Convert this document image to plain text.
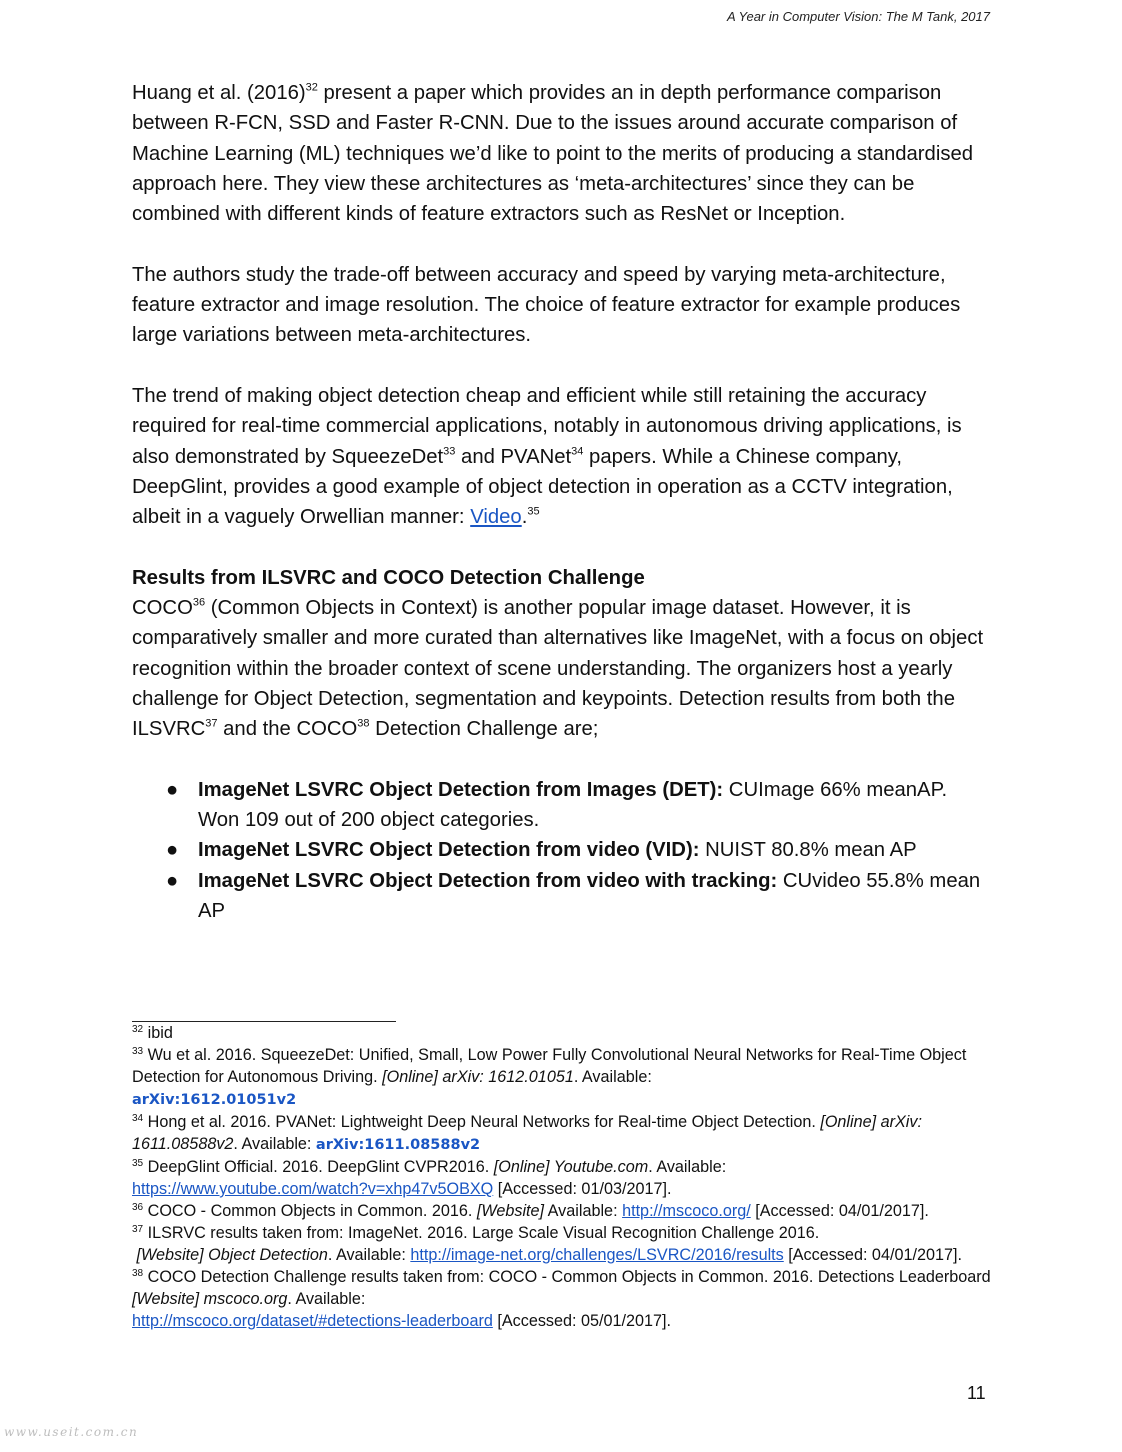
A Year in Computer Vision: The M Tank, 2017

Huang et al. $(2016)^{32}$ present a paper which provides an in depth performance comparison between R-FCN, SSD and Faster R-CNN. Due to the issues around accurate comparison of Machine Learning (ML) techniques we’d like to point to the merits of producing a standardised approach here. They view these architectures as ‘meta-architectures’ since they can be combined with different kinds of feature extractors such as ResNet or Inception.

The authors study the trade-off between accuracy and speed by varying meta-architecture, feature extractor and image resolution. The choice of feature extractor for example produces large variations between meta-architectures.

The trend of making object detection cheap and efficient while still retaining the accuracy required for real-time commercial applications, notably in autonomous driving applications, is also demonstrated by SqueezeDet$^{33}$ and PVANet$^{34}$ papers. While a Chinese company, DeepGlint, provides a good example of object detection in operation as a CCTV integration, albeit in a vaguely Orwellian manner: Video.$^{35}$

Results from ILSVRC and COCO Detection Challenge

COCO$^{36}$ (Common Objects in Context) is another popular image dataset. However, it is comparatively smaller and more curated than alternatives like ImageNet, with a focus on object recognition within the broader context of scene understanding. The organizers host a yearly challenge for Object Detection, segmentation and keypoints. Detection results from both the ILSVRC$^{37}$ and the COCO$^{38}$ Detection Challenge are;

● ImageNet LSVRC Object Detection from Images (DET): CUImage 66% meanAP. Won 109 out of 200 object categories.
● ImageNet LSVRC Object Detection from video (VID): NUIST 80.8% mean AP
● ImageNet LSVRC Object Detection from video with tracking: CUvideo 55.8% mean AP

$^{32}$ ibid

$^{33}$ Wu et al. 2016. SqueezeDet: Unified, Small, Low Power Fully Convolutional Neural Networks for Real-Time Object Detection for Autonomous Driving. [Online] arXiv: 1612.01051. Available:
arXiv:1612.01051v2

$^{34}$ Hong et al. 2016. PVANet: Lightweight Deep Neural Networks for Real-time Object Detection. [Online] arXiv: 1611.08588v2. Available: arXiv:1611.08588v2

$^{35}$ DeepGlint Official. 2016. DeepGlint CVPR2016. [Online] Youtube.com. Available:
https://www.youtube.com/watch?v=xhp47v5OBXQ [Accessed: 01/03/2017].

$^{36}$ COCO - Common Objects in Common. 2016. [Website] Available: http://mscoco.org/ [Accessed: 04/01/2017].

$^{37}$ ILSRVC results taken from: ImageNet. 2016. Large Scale Visual Recognition Challenge 2016.
[Website] Object Detection. Available: http://image-net.org/challenges/LSVRC/2016/results [Accessed: 04/01/2017].

$^{38}$ COCO Detection Challenge results taken from: COCO - Common Objects in Common. 2016. Detections Leaderboard [Website] mscoco.org. Available:
http://mscoco.org/dataset/#detections-leaderboard [Accessed: 05/01/2017].

11
www.useit.com.cn
